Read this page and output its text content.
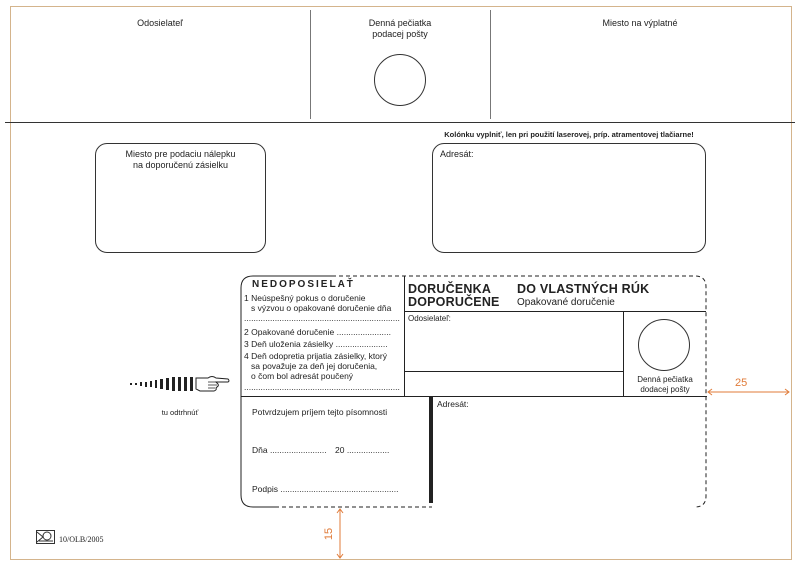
Odosielateľ	Denná pečiatka
podacej pošty
Miesto na výplatné
Miesto pre podaciu nálepku
na doporučenú zásielku
Kolónku vyplniť, len pri použití laserovej, príp. atramentovej tlačiarne!
Adresát:
tu odtrhnúť
NEDOPOSIELAŤ
1 Neúspešný pokus o doručenie
s výzvou o opakované doručenie dňa
..................................................................
2 Opakované doručenie .......................
3 Deň uloženia zásielky ......................
4 Deň odopretia prijatia zásielky, ktorý
sa považuje za deň jej doručenia,
o čom bol adresát poučený
..................................................................
DORUČENKA
DOPORUČENE
DO VLASTNÝCH RÚK
Opakované doručenie
Odosielateľ:
Denná pečiatka
dodacej pošty
Potvrdzujem príjem tejto písomnosti
Dňa ........................ 20 ..................
Podpis ..................................................
Adresát:
25
15
10/OLB/2005
